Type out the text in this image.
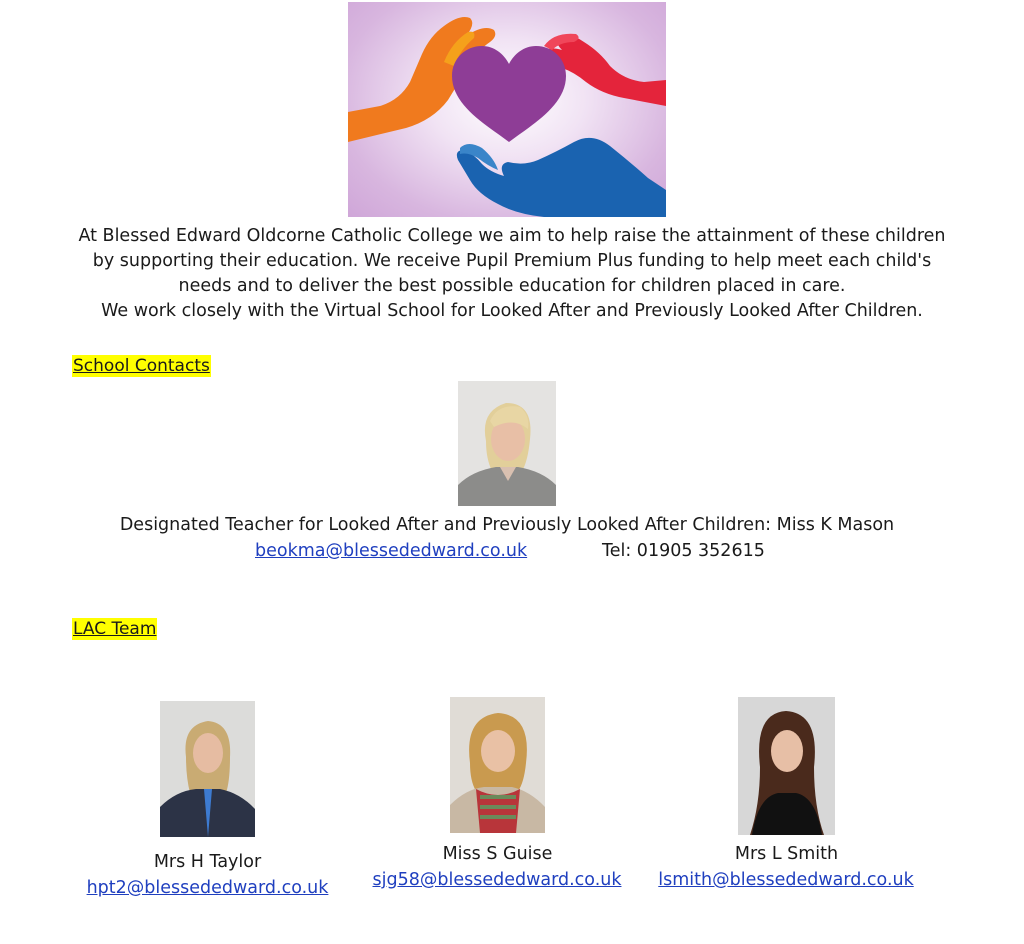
At Blessed Edward Oldcorne Catholic College we aim to help raise the attainment of these children

by supporting their education. We receive Pupil Premium Plus funding to help meet each child's

needs and to deliver the best possible education for children placed in care.

We work closely with the Virtual School for Looked After and Previously Looked After Children.

School Contacts
Designated Teacher for Looked After and Previously Looked After Children: Miss K Mason
beokma@blessededward.co.uk	Tel: 01905 352615
LAC Team
Mrs H Taylor
hpt2@blessededward.co.uk
Miss S Guise
sjg58@blessededward.co.uk
Mrs L Smith
lsmith@blessededward.co.uk
